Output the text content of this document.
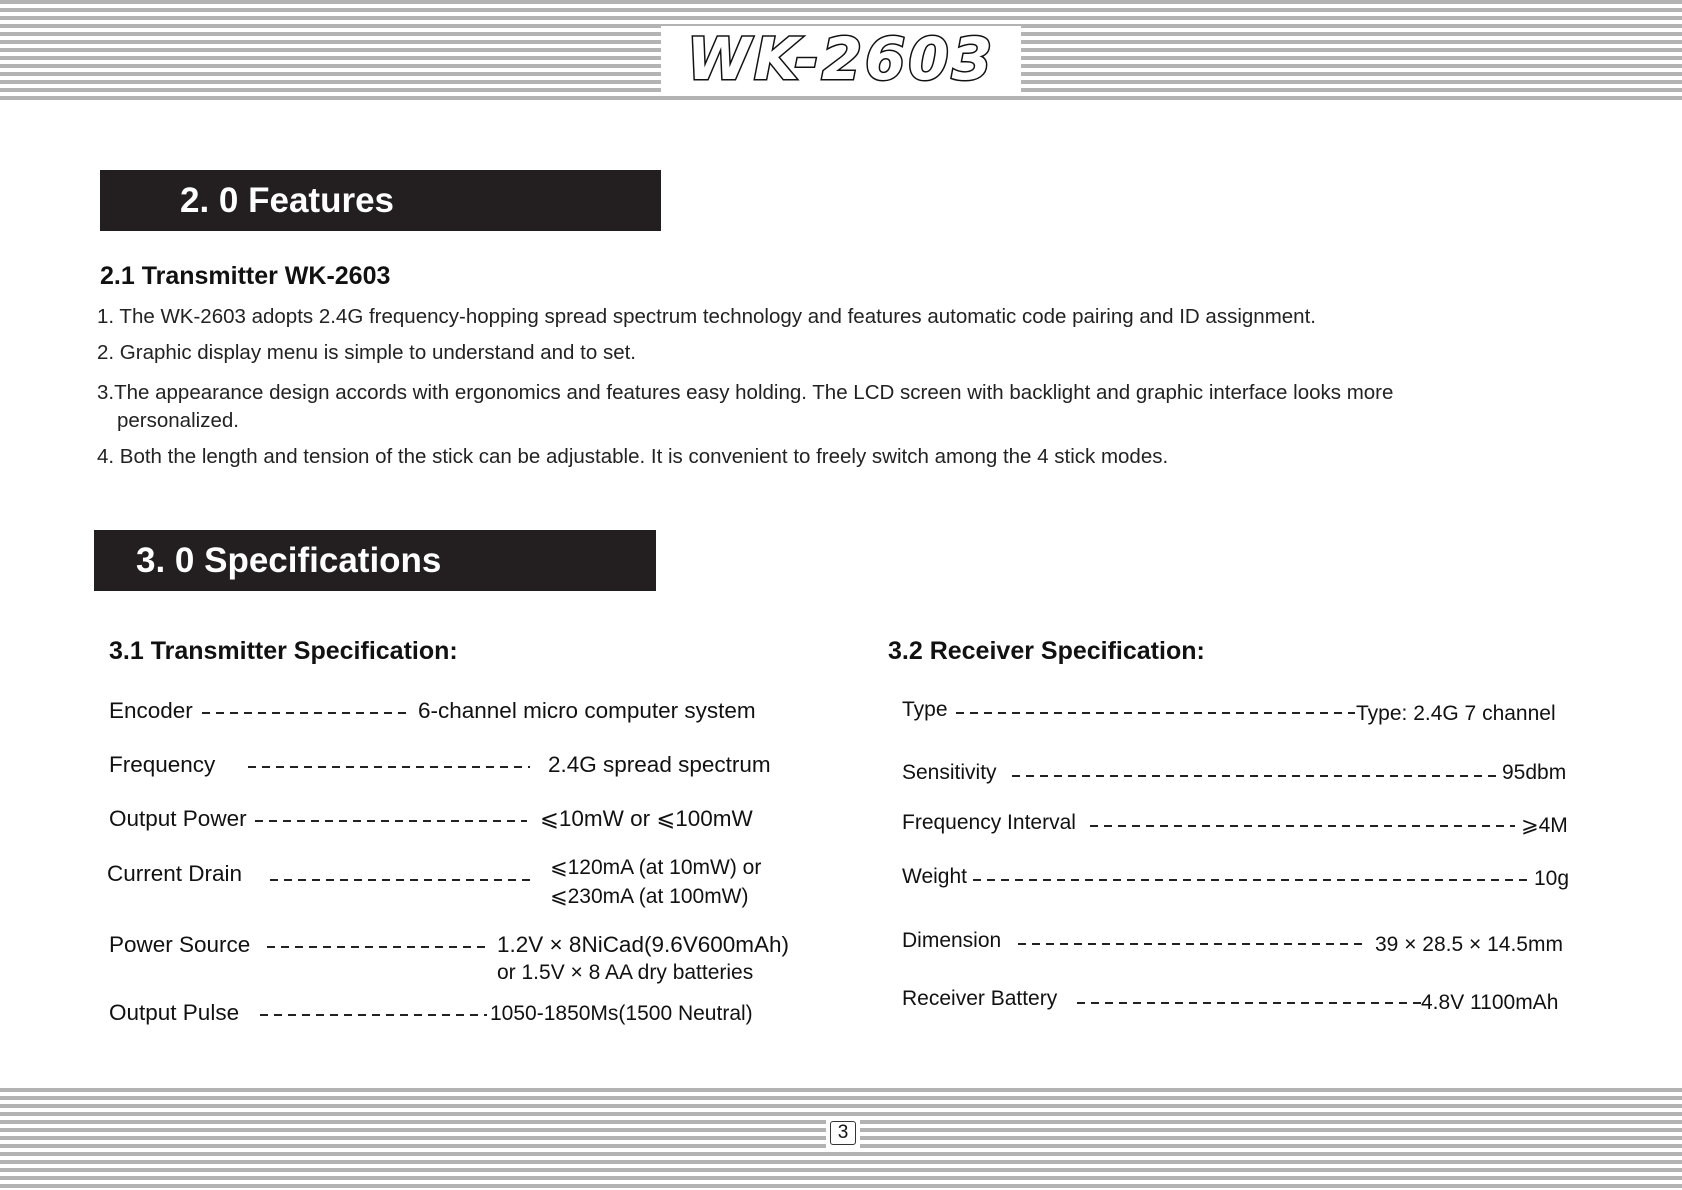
WK-2603
2. 0 Features
2.1 Transmitter WK-2603
1. The WK-2603 adopts 2.4G frequency-hopping spread spectrum technology and features automatic code pairing and ID assignment.
2. Graphic display menu is simple to understand and to set.
3.The appearance design accords with ergonomics and features easy holding. The LCD screen with backlight and graphic interface looks more
personalized.
4. Both the length and tension of the stick can be adjustable. It is convenient to freely switch among the 4 stick modes.
3. 0 Specifications
3.1 Transmitter Specification:	3.2 Receiver Specification:
Encoder	6-channel micro computer system
Frequency	2.4G spread spectrum
Output Power	⩽10mW or ⩽100mW
Current Drain	⩽120mA (at 10mW) or
⩽230mA (at 100mW)
Power Source	1.2V × 8NiCad(9.6V600mAh)
or 1.5V × 8 AA dry batteries
Output Pulse	1050-1850Ms(1500 Neutral)
Type	Type: 2.4G 7 channel
Sensitivity	95dbm
Frequency Interval	⩾4M
Weight	10g
Dimension	39 × 28.5 × 14.5mm
Receiver Battery	4.8V 1100mAh
3
